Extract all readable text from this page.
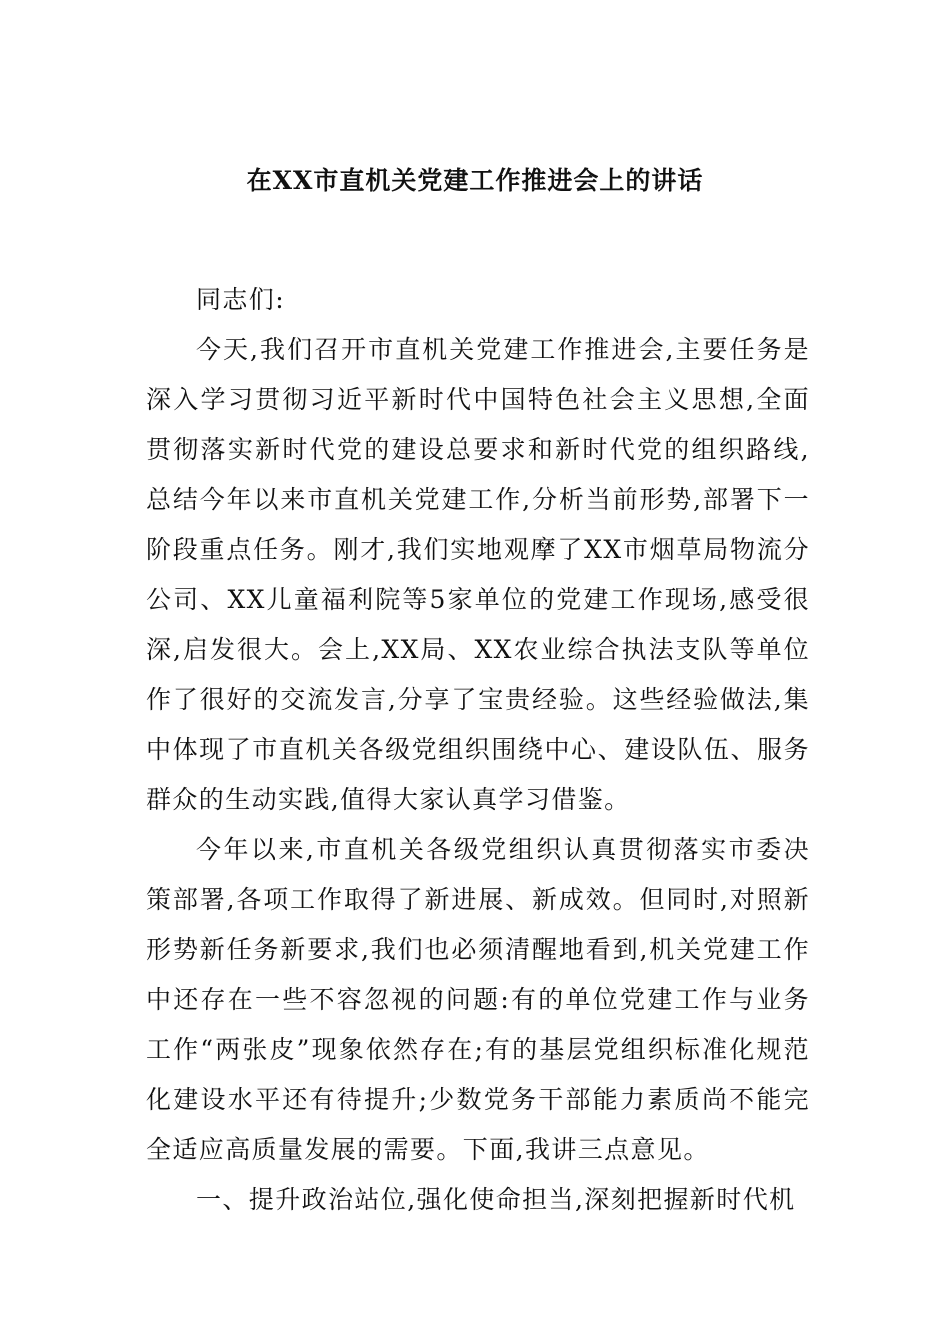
在XX市直机关党建工作推进会上的讲话

同志们:

今天,我们召开市直机关党建工作推进会,主要任务是深入学习贯彻习近平新时代中国特色社会主义思想,全面贯彻落实新时代党的建设总要求和新时代党的组织路线,总结今年以来市直机关党建工作,分析当前形势,部署下一阶段重点任务。刚才,我们实地观摩了XX市烟草局物流分公司、XX儿童福利院等5家单位的党建工作现场,感受很深,启发很大。会上,XX局、XX农业综合执法支队等单位作了很好的交流发言,分享了宝贵经验。这些经验做法,集中体现了市直机关各级党组织围绕中心、建设队伍、服务群众的生动实践,值得大家认真学习借鉴。

今年以来,市直机关各级党组织认真贯彻落实市委决策部署,各项工作取得了新进展、新成效。但同时,对照新形势新任务新要求,我们也必须清醒地看到,机关党建工作中还存在一些不容忽视的问题:有的单位党建工作与业务工作“两张皮”现象依然存在;有的基层党组织标准化规范化建设水平还有待提升;少数党务干部能力素质尚不能完全适应高质量发展的需要。下面,我讲三点意见。

一、提升政治站位,强化使命担当,深刻把握新时代机
